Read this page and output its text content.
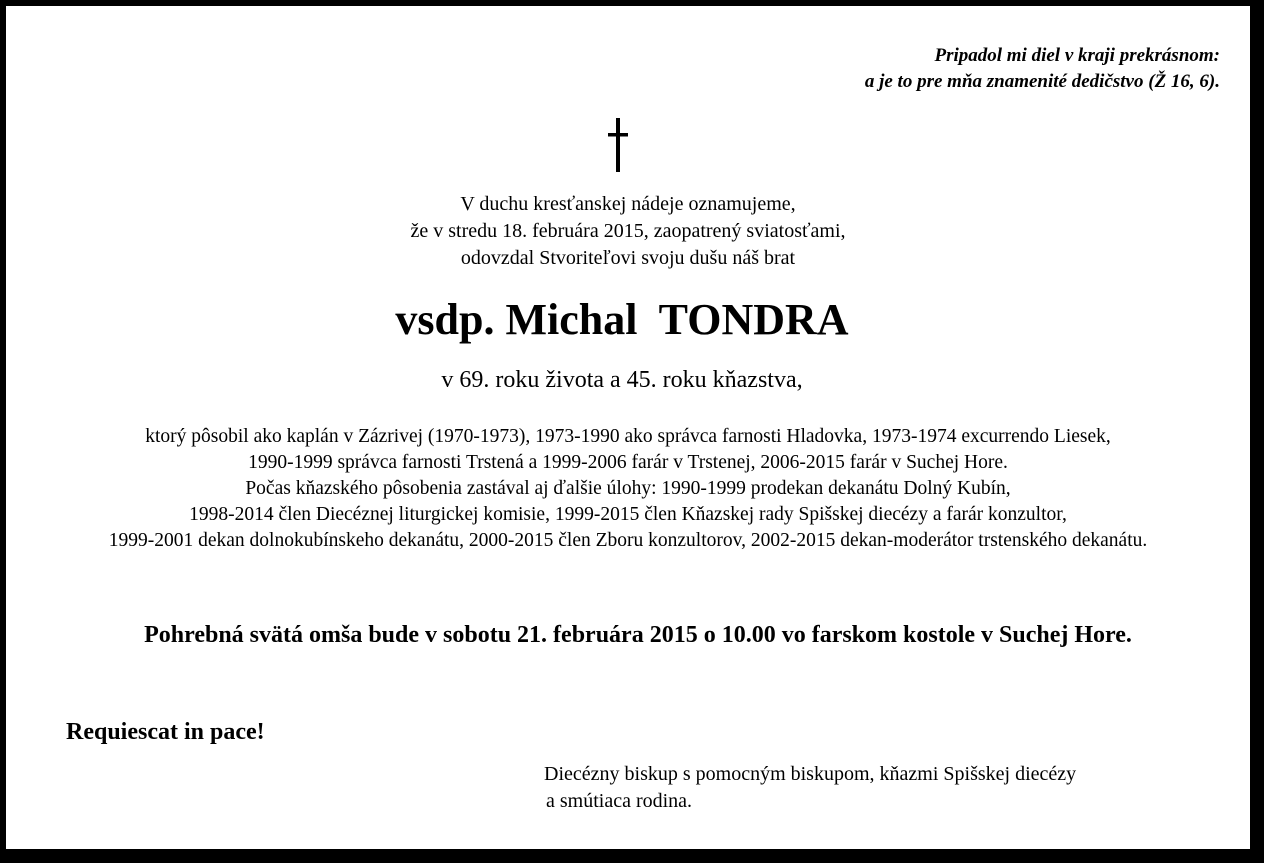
Pripadol mi diel v kraji prekrásnom:
a je to pre mňa znamenité dedičstvo (Ž 16, 6).

V duchu kresťanskej nádeje oznamujeme,
že v stredu 18. februára 2015, zaopatrený sviatosťami,
odovzdal Stvoriteľovi svoju dušu náš brat
vsdp. Michal  TONDRA
v 69. roku života a 45. roku kňazstva,
ktorý pôsobil ako kaplán v Zázrivej (1970-1973), 1973-1990 ako správca farnosti Hladovka, 1973-1974 excurrendo Liesek,
1990-1999 správca farnosti Trstená a 1999-2006 farár v Trstenej, 2006-2015 farár v Suchej Hore.
Počas kňazského pôsobenia zastával aj ďalšie úlohy: 1990-1999 prodekan dekanátu Dolný Kubín,
1998-2014 člen Diecéznej liturgickej komisie, 1999-2015 člen Kňazskej rady Spišskej diecézy a farár konzultor,
1999-2001 dekan dolnokubínskeho dekanátu, 2000-2015 člen Zboru konzultorov, 2002-2015 dekan-moderátor trstenského dekanátu.

Pohrebná svätá omša bude v sobotu 21. februára 2015 o 10.00 vo farskom kostole v Suchej Hore.

Requiescat in pace!
Diecézny biskup s pomocným biskupom, kňazmi Spišskej diecézy
a smútiaca rodina.
